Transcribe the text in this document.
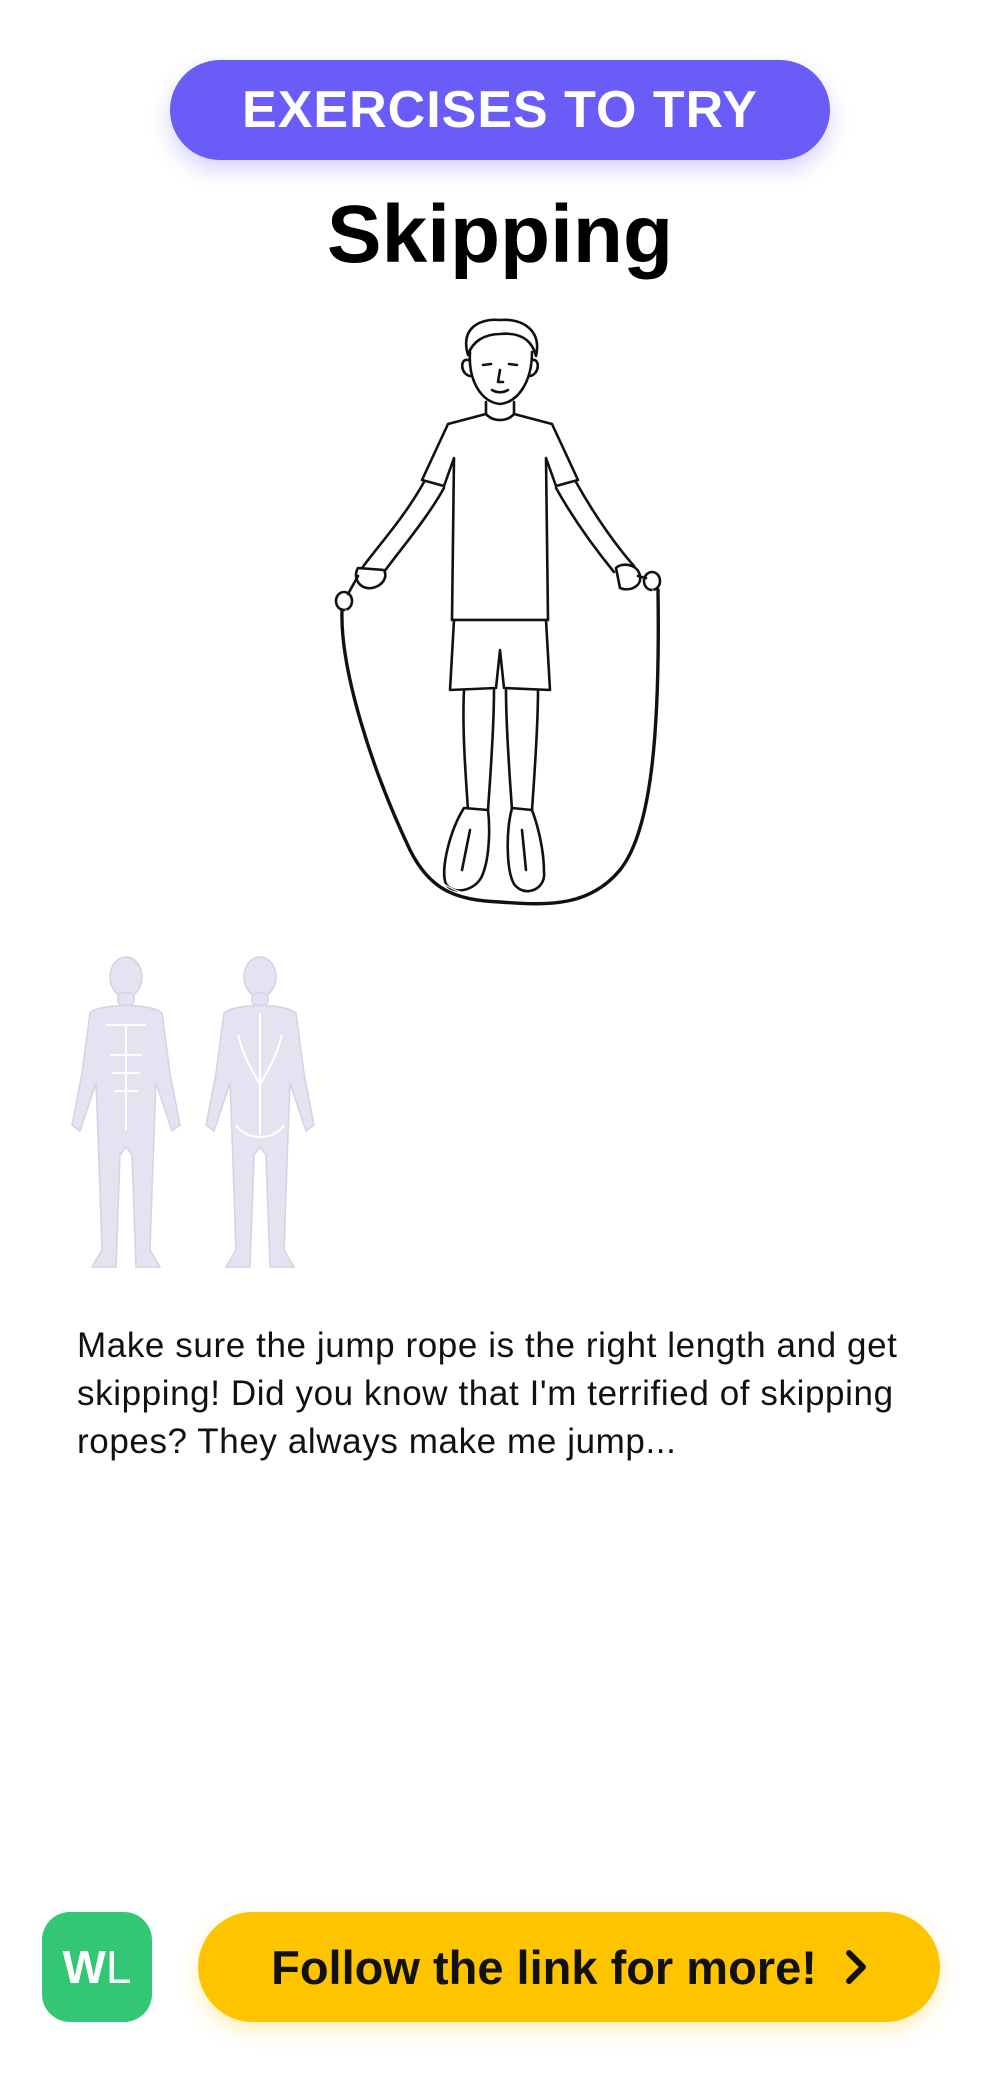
EXERCISES TO TRY
Skipping
Make sure the jump rope is the right length and get skipping! Did you know that I'm terrified of skipping ropes? They always make me jump...
W L	Follow the link for more!
